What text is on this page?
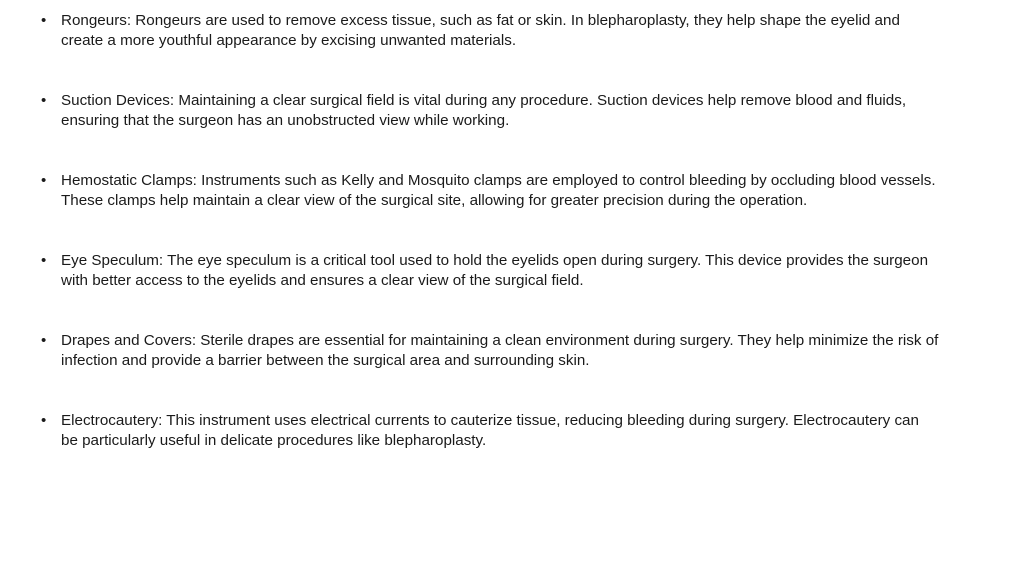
• Rongeurs: Rongeurs are used to remove excess tissue, such as fat or skin. In blepharoplasty, they help shape the eyelid and create a more youthful appearance by excising unwanted materials.
• Suction Devices: Maintaining a clear surgical field is vital during any procedure. Suction devices help remove blood and fluids, ensuring that the surgeon has an unobstructed view while working.
• Hemostatic Clamps: Instruments such as Kelly and Mosquito clamps are employed to control bleeding by occluding blood vessels. These clamps help maintain a clear view of the surgical site, allowing for greater precision during the operation.
• Eye Speculum: The eye speculum is a critical tool used to hold the eyelids open during surgery. This device provides the surgeon with better access to the eyelids and ensures a clear view of the surgical field.
• Drapes and Covers: Sterile drapes are essential for maintaining a clean environment during surgery. They help minimize the risk of infection and provide a barrier between the surgical area and surrounding skin.
• Electrocautery: This instrument uses electrical currents to cauterize tissue, reducing bleeding during surgery. Electrocautery can be particularly useful in delicate procedures like blepharoplasty.
